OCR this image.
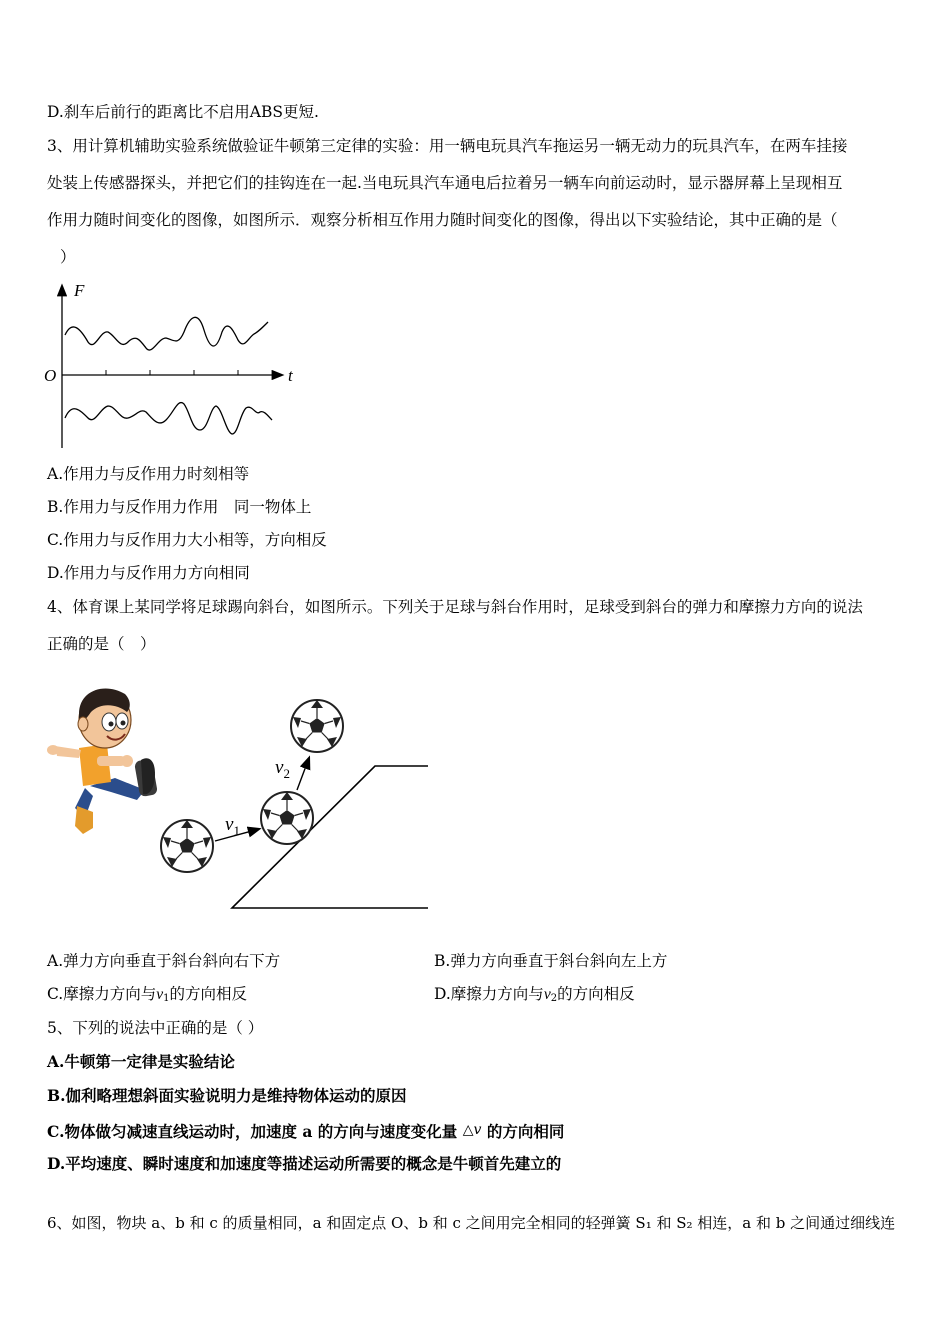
D.刹车后前行的距离比不启用ABS更短.
3、用计算机辅助实验系统做验证牛顿第三定律的实验：用一辆电玩具汽车拖运另一辆无动力的玩具汽车，在两车挂接
处装上传感器探头，并把它们的挂钩连在一起.当电玩具汽车通电后拉着另一辆车向前运动时，显示器屏幕上呈现相互
作用力随时间变化的图像，如图所示．观察分析相互作用力随时间变化的图像，得出以下实验结论，其中正确的是（
）
F
t
O
A.作用力与反作用力时刻相等
B.作用力与反作用力作用　同一物体上
C.作用力与反作用力大小相等，方向相反
D.作用力与反作用力方向相同
4、体育课上某同学将足球踢向斜台，如图所示。下列关于足球与斜台作用时，足球受到斜台的弹力和摩擦力方向的说法
正确的是（　）
$v_1$
$v_2$
A.弹力方向垂直于斜台斜向右下方	B.弹力方向垂直于斜台斜向左上方
C.摩擦力方向与$v_1$的方向相反	D.摩擦力方向与$v_2$的方向相反
5、下列的说法中正确的是（ ）
A.牛顿第一定律是实验结论
B.伽利略理想斜面实验说明力是维持物体运动的原因
C.物体做匀减速直线运动时，加速度 a 的方向与速度变化量 △v 的方向相同
D.平均速度、瞬时速度和加速度等描述运动所需要的概念是牛顿首先建立的
6、如图，物块 a、b 和 c 的质量相同，a 和固定点 O、b 和 c 之间用完全相同的轻弹簧 S₁ 和 S₂ 相连，a 和 b 之间通过细线连
